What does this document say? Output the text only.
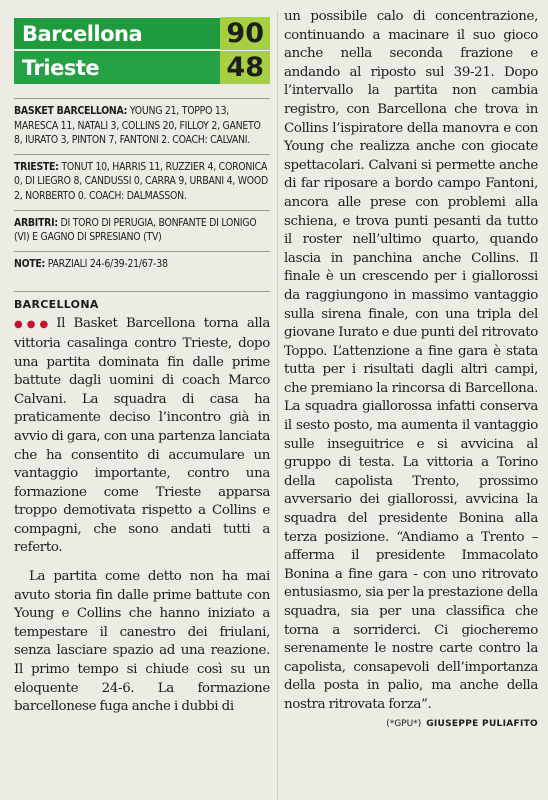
Barcellona	90
Trieste	48
BASKET BARCELLONA: YOUNG 21, TOPPO 13, MARESCA 11, NATALI 3, COLLINS 20, FILLOY 2, GANETO 8, IURATO 3, PINTON 7, FANTONI 2. COACH: CALVANI.
TRIESTE: TONUT 10, HARRIS 11, RUZZIER 4, CORONICA 0, DI LIEGRO 8, CANDUSSI 0, CARRA 9, URBANI 4, WOOD 2, NORBERTO 0. COACH: DALMASSON.
ARBITRI: DI TORO DI PERUGIA, BONFANTE DI LONIGO (VI) E GAGNO DI SPRESIANO (TV)
NOTE: PARZIALI 24-6/39-21/67-38
BARCELLONA

●●● Il Basket Barcellona torna alla vittoria casalinga contro Trieste, dopo una partita dominata fin dalle prime battute dagli uomini di coach Marco Calvani. La squadra di casa ha praticamente deciso l’incontro già in avvio di gara, con una partenza lanciata che ha consentito di accumulare un vantaggio importante, contro una formazione come Trieste apparsa troppo demotivata rispetto a Collins e compagni, che sono andati tutti a referto.

La partita come detto non ha mai avuto storia fin dalle prime battute con Young e Collins che hanno iniziato a tempestare il canestro dei friulani, senza lasciare spazio ad una reazione. Il primo tempo si chiude così su un eloquente 24-6. La formazione barcellonese fuga anche i dubbi di

un possibile calo di concentrazione, continuando a macinare il suo gioco anche nella seconda frazione e andando al riposto sul 39-21. Dopo l’intervallo la partita non cambia registro, con Barcellona che trova in Collins l’ispiratore della manovra e con Young che realizza anche con giocate spettacolari. Calvani si permette anche di far riposare a bordo campo Fantoni, ancora alle prese con problemi alla schiena, e trova punti pesanti da tutto il roster nell’ultimo quarto, quando lascia in panchina anche Collins. Il finale è un crescendo per i giallorossi da raggiungono in massimo vantaggio sulla sirena finale, con una tripla del giovane Iurato e due punti del ritrovato Toppo. L’attenzione a fine gara è stata tutta per i risultati dagli altri campi, che premiano la rincorsa di Barcellona. La squadra giallorossa infatti conserva il sesto posto, ma aumenta il vantaggio sulle inseguitrice e si avvicina al gruppo di testa. La vittoria a Torino della capolista Trento, prossimo avversario dei giallorossi, avvicina la squadra del presidente Bonina alla terza posizione. “Andiamo a Trento – afferma il presidente Immacolato Bonina a fine gara - con uno ritrovato entusiasmo, sia per la prestazione della squadra, sia per una classifica che torna a sorriderci. Ci giocheremo serenamente le nostre carte contro la capolista, consapevoli dell’importanza della posta in palio, ma anche della nostra ritrovata forza”.

(*GPU*) GIUSEPPE PULIAFITO
